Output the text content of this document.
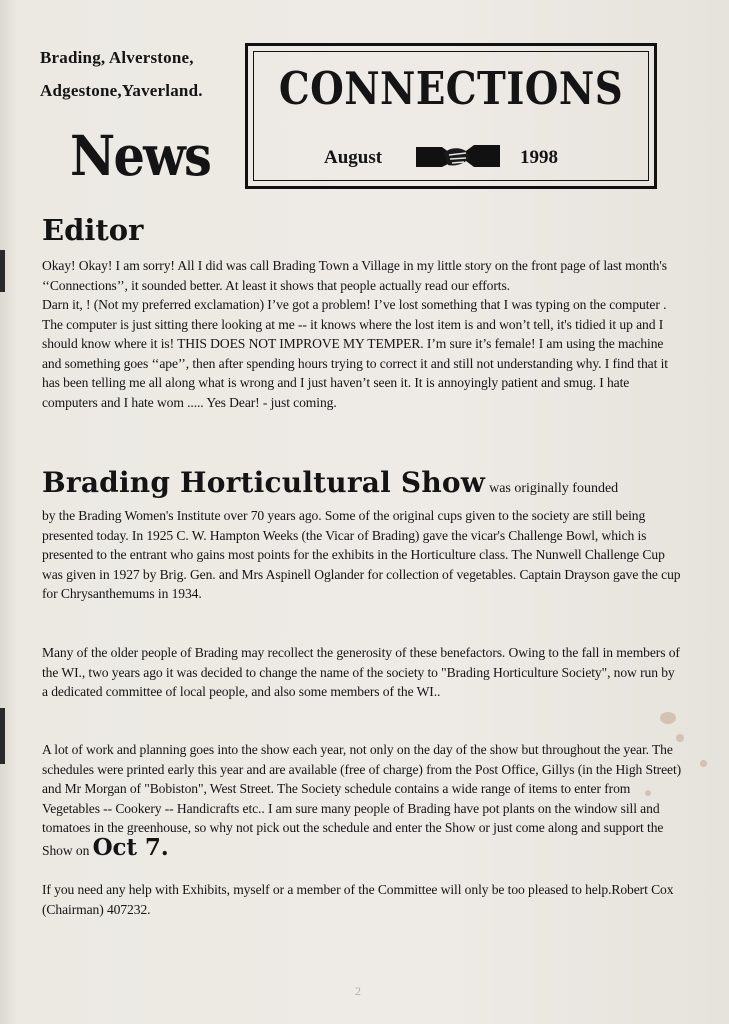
Brading, Alverstone,
Adgestone,Yaverland.
News
CONNECTIONS
August	1998
Editor

Okay! Okay! I am sorry! All I did was call Brading Town a Village in my little story on the front page of last month's ‘‘Connections’’, it sounded better. At least it shows that people actually read our efforts.

Darn it, ! (Not my preferred exclamation) I’ve got a problem! I’ve lost something that I was typing on the computer . The computer is just sitting there looking at me -- it knows where the lost item is and won’t tell, it's tidied it up and I should know where it is! THIS DOES NOT IMPROVE MY TEMPER. I’m sure it’s female! I am using the machine and something goes ‘‘ape’’, then after spending hours trying to correct it and still not understanding why. I find that it has been telling me all along what is wrong and I just haven’t seen it. It is annoyingly patient and smug. I hate computers and I hate wom ..... Yes Dear! - just coming.

Brading Horticultural Show was originally founded
by the Brading Women's Institute over 70 years ago. Some of the original cups given to the society are still being presented today. In 1925 C. W. Hampton Weeks (the Vicar of Brading) gave the vicar's Challenge Bowl, which is presented to the entrant who gains most points for the exhibits in the Horticulture class. The Nunwell Challenge Cup was given in 1927 by Brig. Gen. and Mrs Aspinell Oglander for collection of vegetables. Captain Drayson gave the cup for Chrysanthemums in 1934.
Many of the older people of Brading may recollect the generosity of these benefactors. Owing to the fall in members of the WI., two years ago it was decided to change the name of the society to "Brading Horticulture Society", now run by a dedicated committee of local people, and also some members of the WI..
A lot of work and planning goes into the show each year, not only on the day of the show but throughout the year. The schedules were printed early this year and are available (free of charge) from the Post Office, Gillys (in the High Street) and Mr Morgan of "Bobiston", West Street. The Society schedule contains a wide range of items to enter from Vegetables -- Cookery -- Handicrafts etc.. I am sure many people of Brading have pot plants on the window sill and tomatoes in the greenhouse, so why not pick out the schedule and enter the Show or just come along and support the Show on Oct 7.
If you need any help with Exhibits, myself or a member of the Committee will only be too pleased to help.Robert Cox (Chairman) 407232.
2
